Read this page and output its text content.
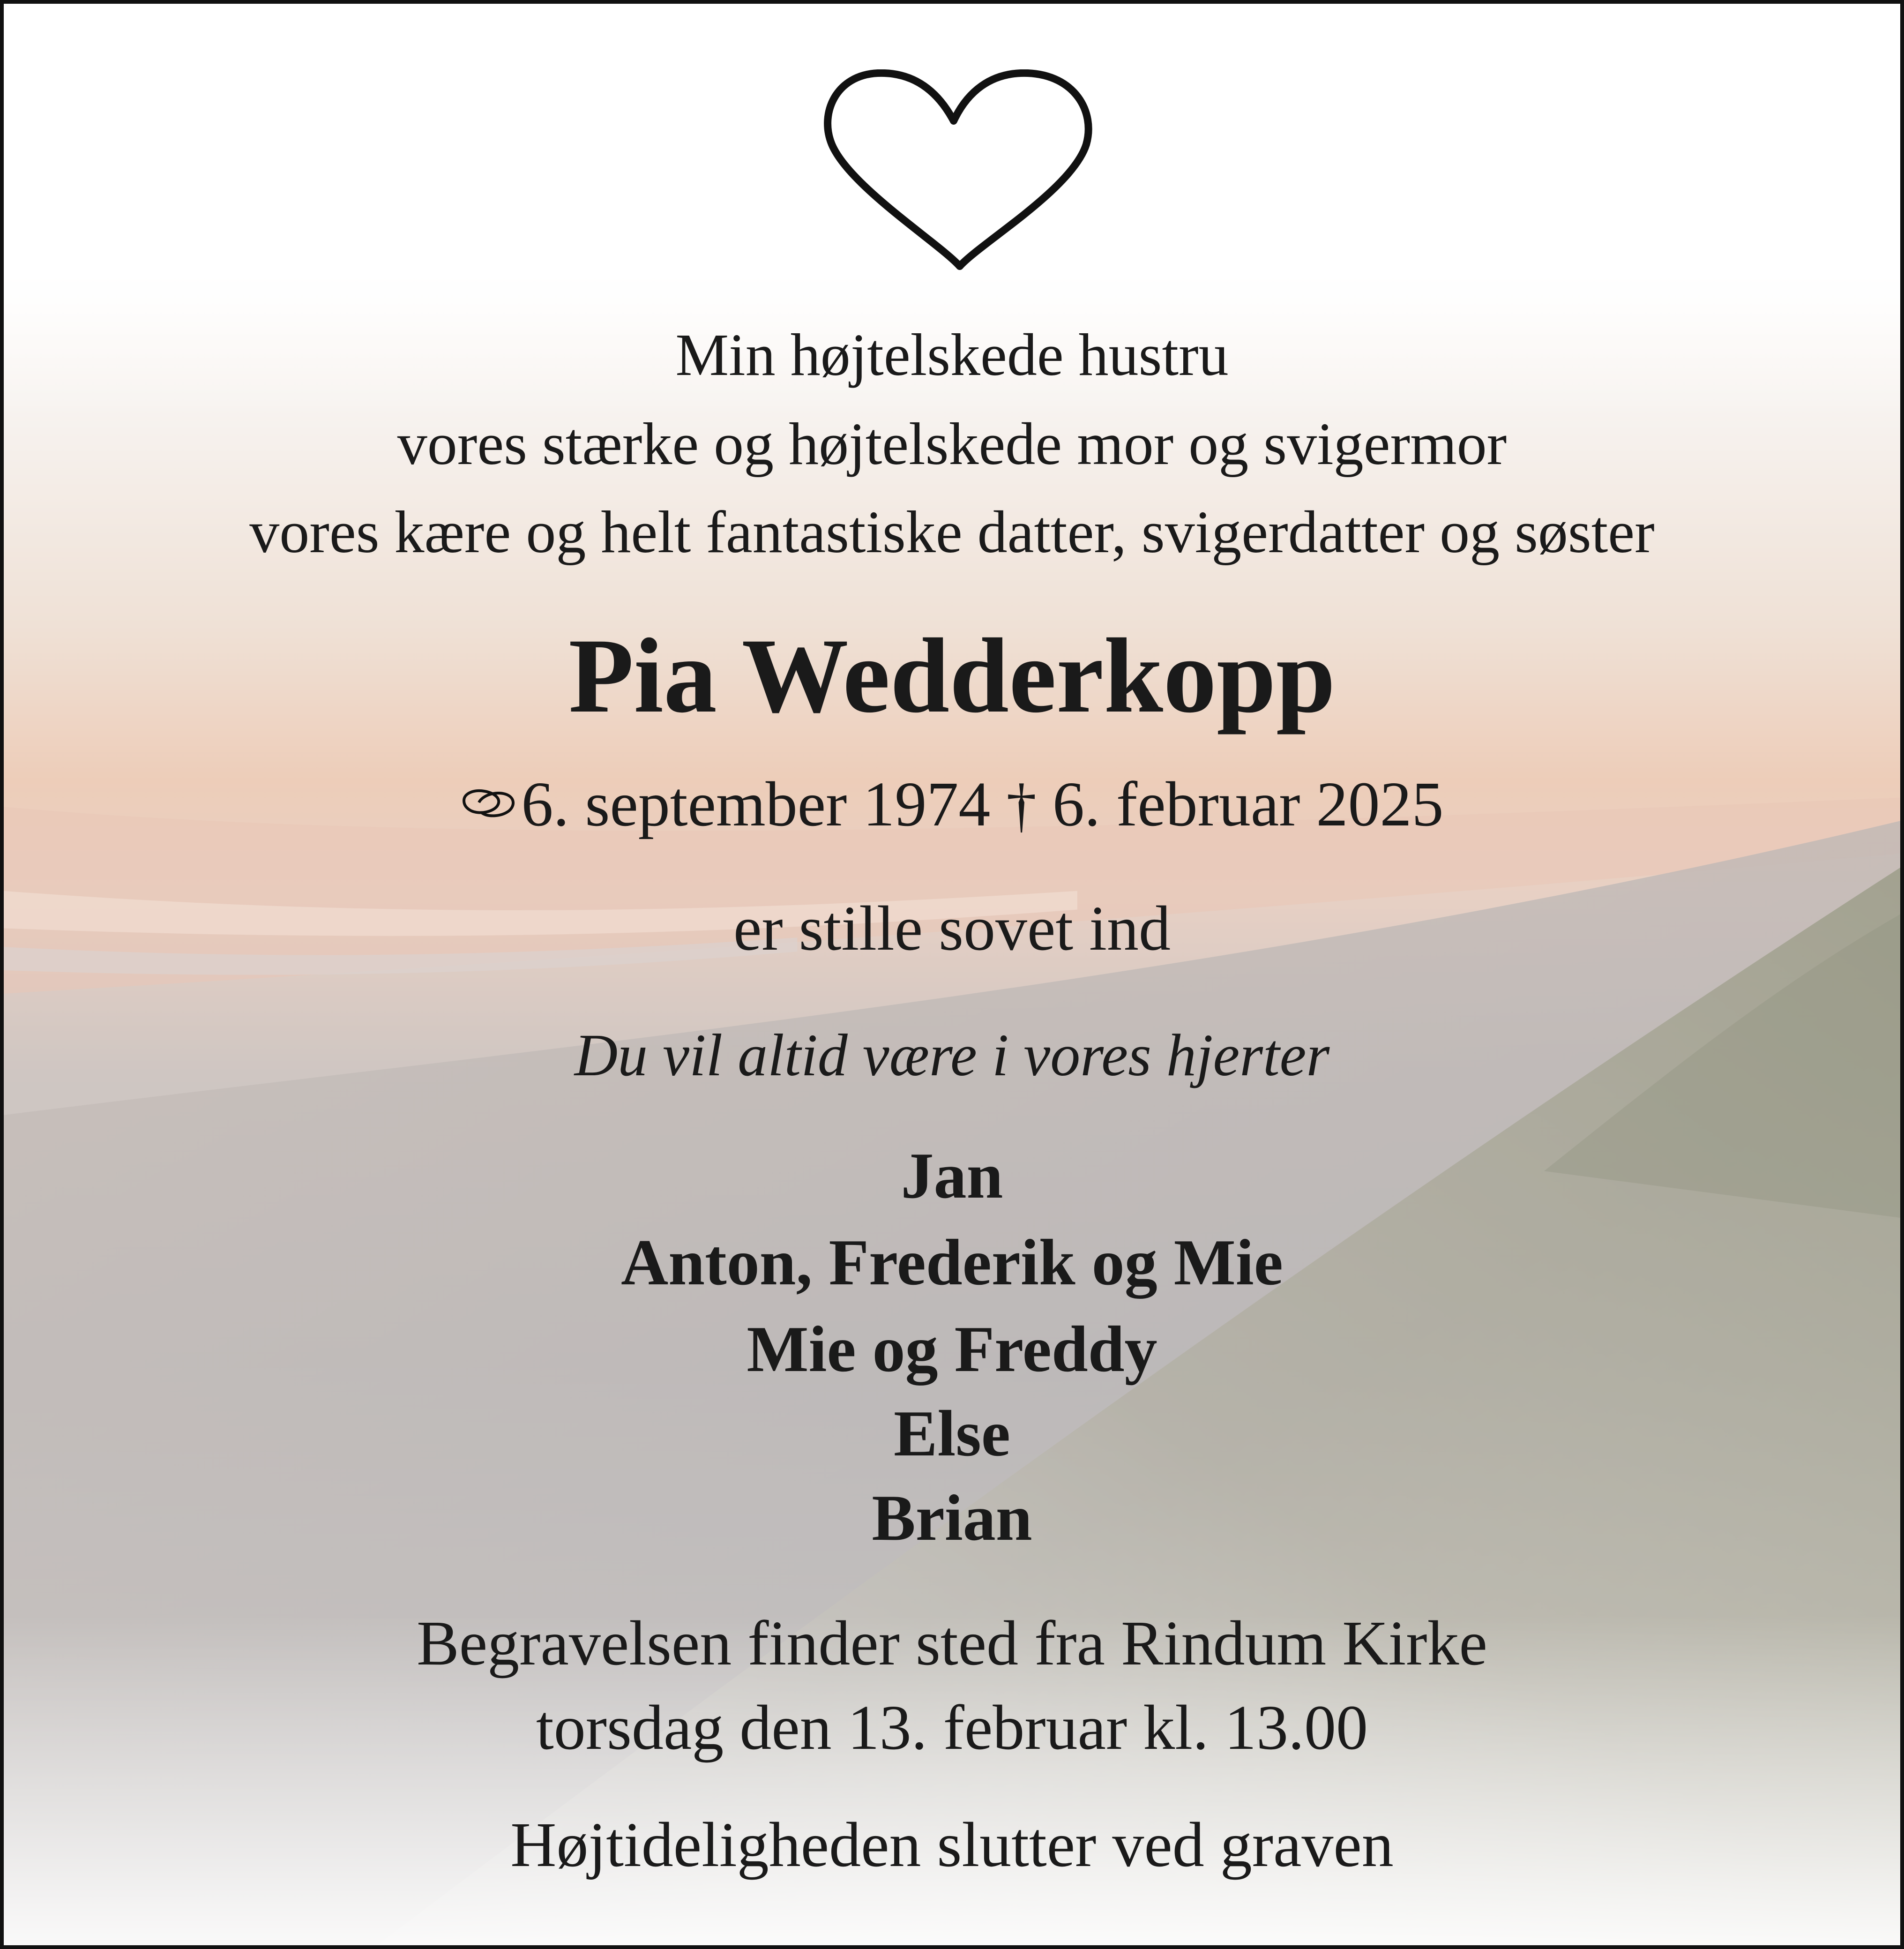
Min højtelskede hustru
vores stærke og højtelskede mor og svigermor
vores kære og helt fantastiske datter, svigerdatter og søster
Pia Wedderkopp
6. september 1974 † 6. februar 2025
er stille sovet ind
Du vil altid være i vores hjerter
Jan
Anton, Frederik og Mie
Mie og Freddy
Else
Brian
Begravelsen finder sted fra Rindum Kirke
torsdag den 13. februar kl. 13.00
Højtideligheden slutter ved graven
